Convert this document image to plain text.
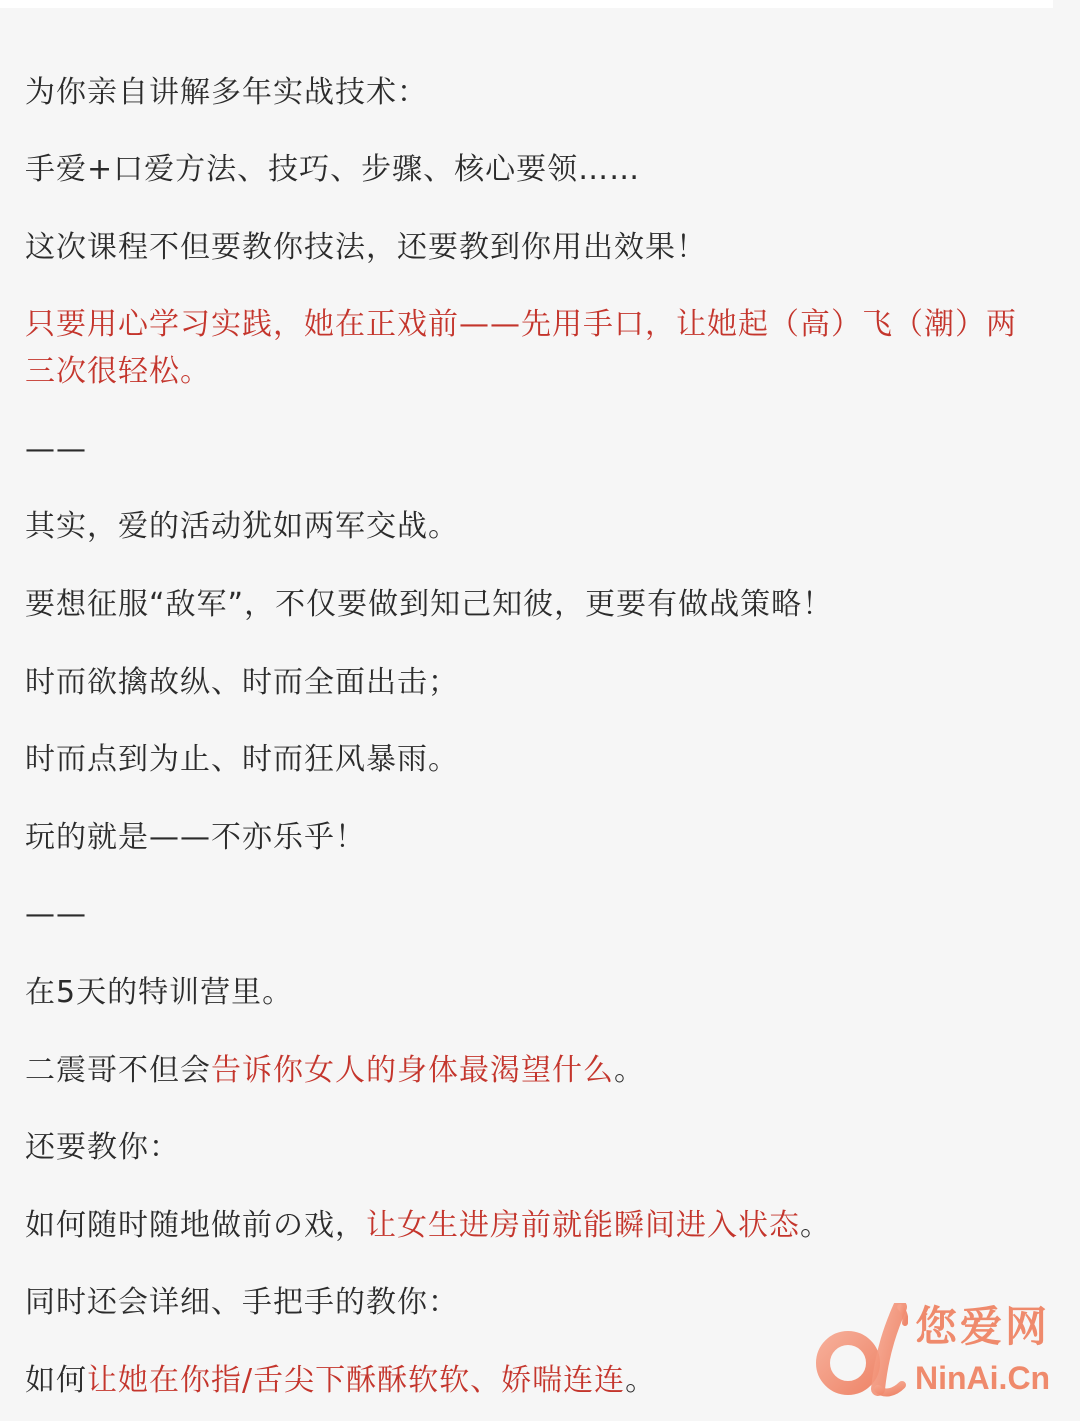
为你亲自讲解多年实战技术：

手爱+口爱方法、技巧、步骤、核心要领……

这次课程不但要教你技法，还要教到你用出效果！

只要用心学习实践，她在正戏前——先用手口，让她起（高）飞（潮）两三次很轻松。

——

其实，爱的活动犹如两军交战。

要想征服“敌军”，不仅要做到知己知彼，更要有做战策略！

时而欲擒故纵、时而全面出击；

时而点到为止、时而狂风暴雨。

玩的就是——不亦乐乎！

——

在5天的特训营里。

二震哥不但会告诉你女人的身体最渴望什么。

还要教你：

如何随时随地做前の戏，让女生进房前就能瞬间进入状态。

同时还会详细、手把手的教你：

如何让她在你指/舌尖下酥酥软软、娇喘连连。

您爱网
NinAi.Cn
